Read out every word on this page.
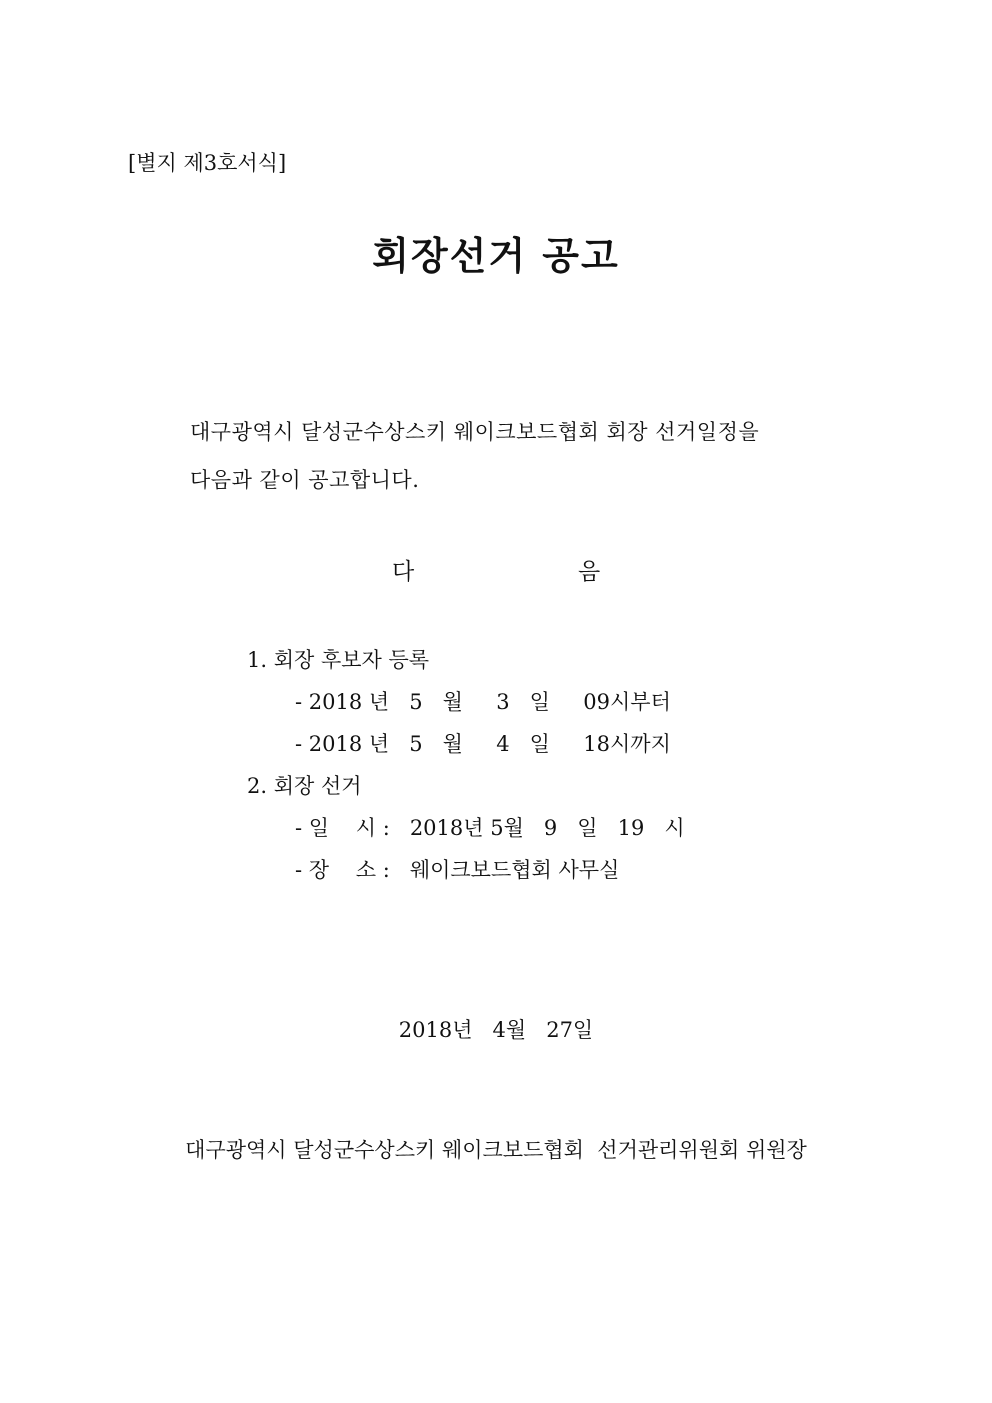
[별지 제3호서식]
회장선거 공고
대구광역시 달성군수상스키 웨이크보드협회 회장 선거일정을
다음과 같이 공고합니다.
다	음
1. 회장 후보자 등록
- 2018 년   5   월     3   일     09시부터
- 2018 년   5   월     4   일     18시까지
2. 회장 선거
- 일    시 :   2018년 5월   9   일   19   시
- 장    소 :   웨이크보드협회 사무실
2018년   4월   27일
대구광역시 달성군수상스키 웨이크보드협회  선거관리위원회 위원장
